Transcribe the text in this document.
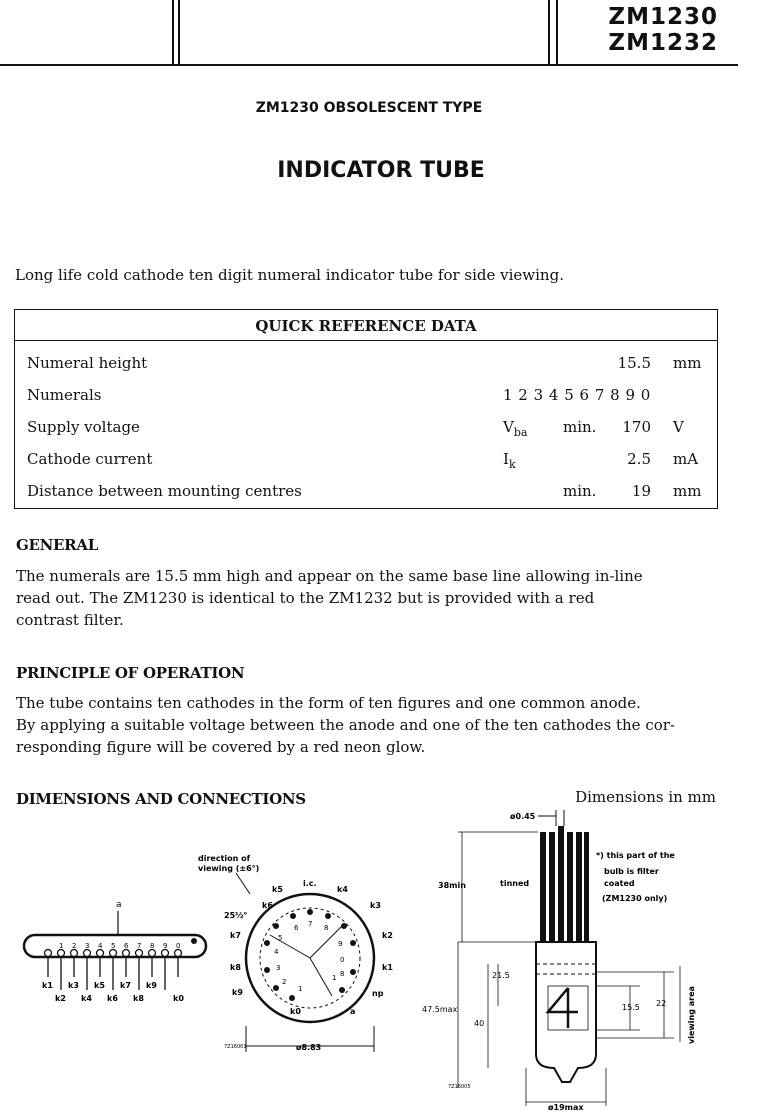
ZM1230
ZM1232
ZM1230 OBSOLESCENT TYPE
INDICATOR TUBE
Long life cold cathode ten digit numeral indicator tube for side viewing.
QUICK REFERENCE DATA
Numeral height	15.5 mm
Numerals	1 2 3 4 5 6 7 8 9 0
Supply voltage	$V_{ba}$ min. 170 V
Cathode current	$I_k$	2.5 mA
Distance between mounting centres	min. 19 mm
GENERAL
The numerals are 15.5 mm high and appear on the same base line allowing in-line
read out. The ZM1230 is identical to the ZM1232 but is provided with a red
contrast filter.
PRINCIPLE OF OPERATION
The tube contains ten cathodes in the form of ten figures and one common anode.
By applying a suitable voltage between the anode and one of the ten cathodes the cor-
responding figure will be covered by a red neon glow.
DIMENSIONS AND CONNECTIONS	Dimensions in mm
a
1 2 3 4 5 6 7 8 9 0
k1 k3 k5 k7 k9
k2 k4 k6 k8	k0
direction of
viewing (±6°)
25½°
i.c.
k5	k4
k3
k2
k1
np
a
k0
k9
k8
k7
k6
6 7
5
8
4
9
3
2
1
0
1 8
ø8.83
7Z16001
ø0.45
tinned
*) this part of the
bulb is filter
coated
(ZM1230 only)
38min
21.5
47.5max
40
15.5 22	viewing area
ø19max
7Z16005
